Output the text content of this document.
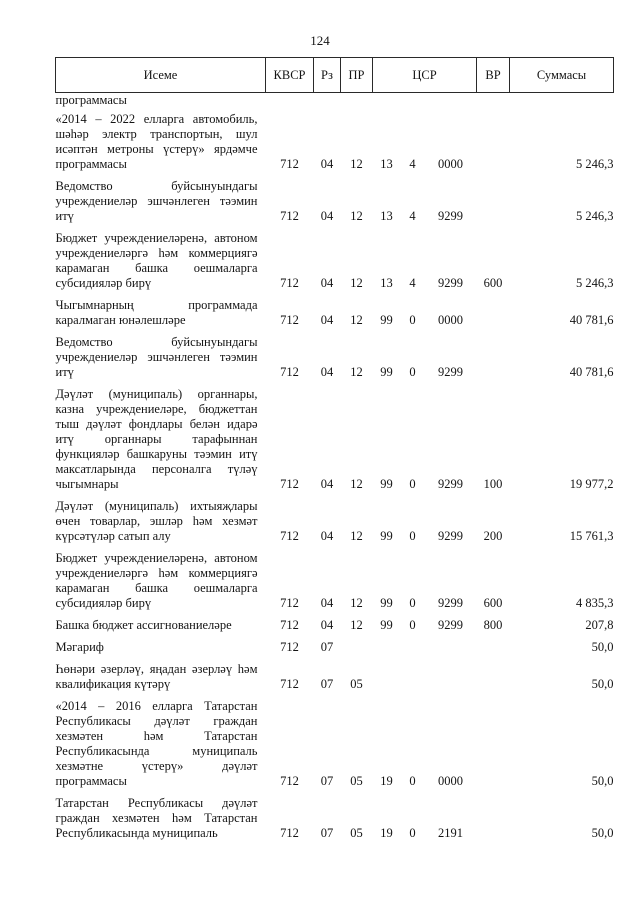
124
Исеме	КВСР	Рз	ПР	ЦСР			ВР	Суммасы
программасы								
«2014 – 2022 елларга автомобиль, шәһәр электр транспортын, шул исәптән метроны үстерү» ярдәмче программасы	712	04	12	13	4	0000		5 246,3
Ведомство буйсынуындагы учреждениеләр эшчәнлеген тәэмин итү	712	04	12	13	4	9299		5 246,3
Бюджет учреждениеләренә, автоном учреждениеләргә һәм коммерциягә карамаган башка оешмаларга субсидияләр бирү	712	04	12	13	4	9299	600	5 246,3
Чыгымнарның программада каралмаган юнәлешләре	712	04	12	99	0	0000		40 781,6
Ведомство буйсынуындагы учреждениеләр эшчәнлеген тәэмин итү	712	04	12	99	0	9299		40 781,6
Дәүләт (муниципаль) органнары, казна учреждениеләре, бюджеттан тыш дәүләт фондлары белән идарә итү органнары тарафыннан функцияләр башкаруны тәэмин итү максатларында персоналга түләү чыгымнары	712	04	12	99	0	9299	100	19 977,2
Дәүләт (муниципаль) ихтыяҗлары өчен товарлар, эшләр һәм хезмәт күрсәтүләр сатып алу	712	04	12	99	0	9299	200	15 761,3
Бюджет учреждениеләренә, автоном учреждениеләргә һәм коммерциягә карамаган башка оешмаларга субсидияләр бирү	712	04	12	99	0	9299	600	4 835,3
Башка бюджет ассигнованиеләре	712	04	12	99	0	9299	800	207,8
Мәгариф	712	07						50,0
Һөнәри әзерләү, яңадан әзерләү һәм квалификация күтәрү	712	07	05					50,0
«2014 – 2016 елларга Татарстан Республикасы дәүләт граждан хезмәтен һәм Татарстан Республикасында муниципаль хезмәтне үстерү» дәүләт программасы	712	07	05	19	0	0000		50,0
Татарстан Республикасы дәүләт граждан хезмәтен һәм Татарстан Республикасында муниципаль	712	07	05	19	0	2191		50,0
